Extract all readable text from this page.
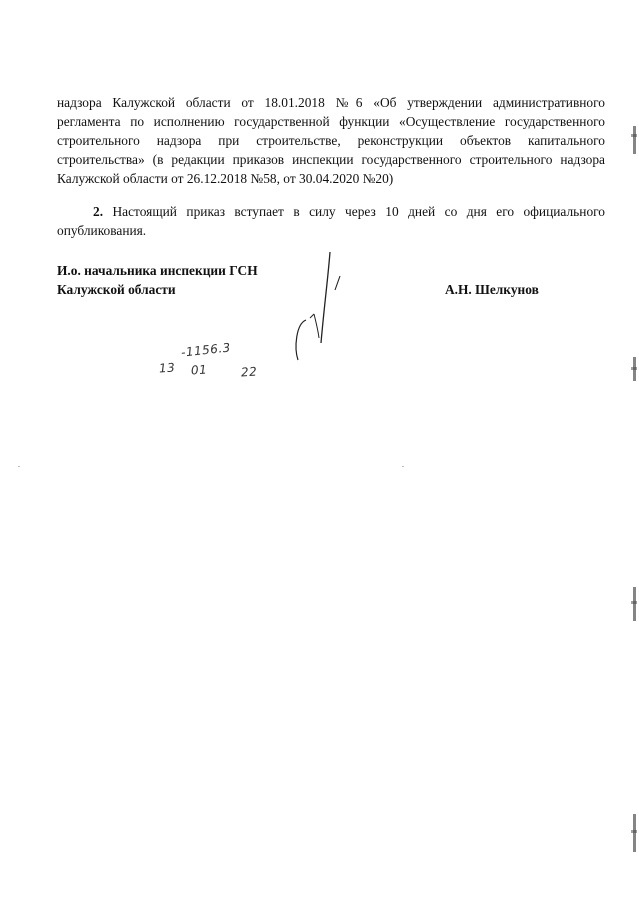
надзора Калужской области от 18.01.2018 №6 «Об утверждении административного регламента по исполнению государственной функции «Осуществление государственного строительного надзора при строительстве, реконструкции объектов капитального строительства» (в редакции приказов инспекции государственного строительного надзора Калужской области от 26.12.2018 №58, от 30.04.2020 №20)

2. Настоящий приказ вступает в силу через 10 дней со дня его официального опубликования.

И.о. начальника инспекции ГСН
Калужской области	А.Н. Шелкунов
-1156.3
13 01	22
